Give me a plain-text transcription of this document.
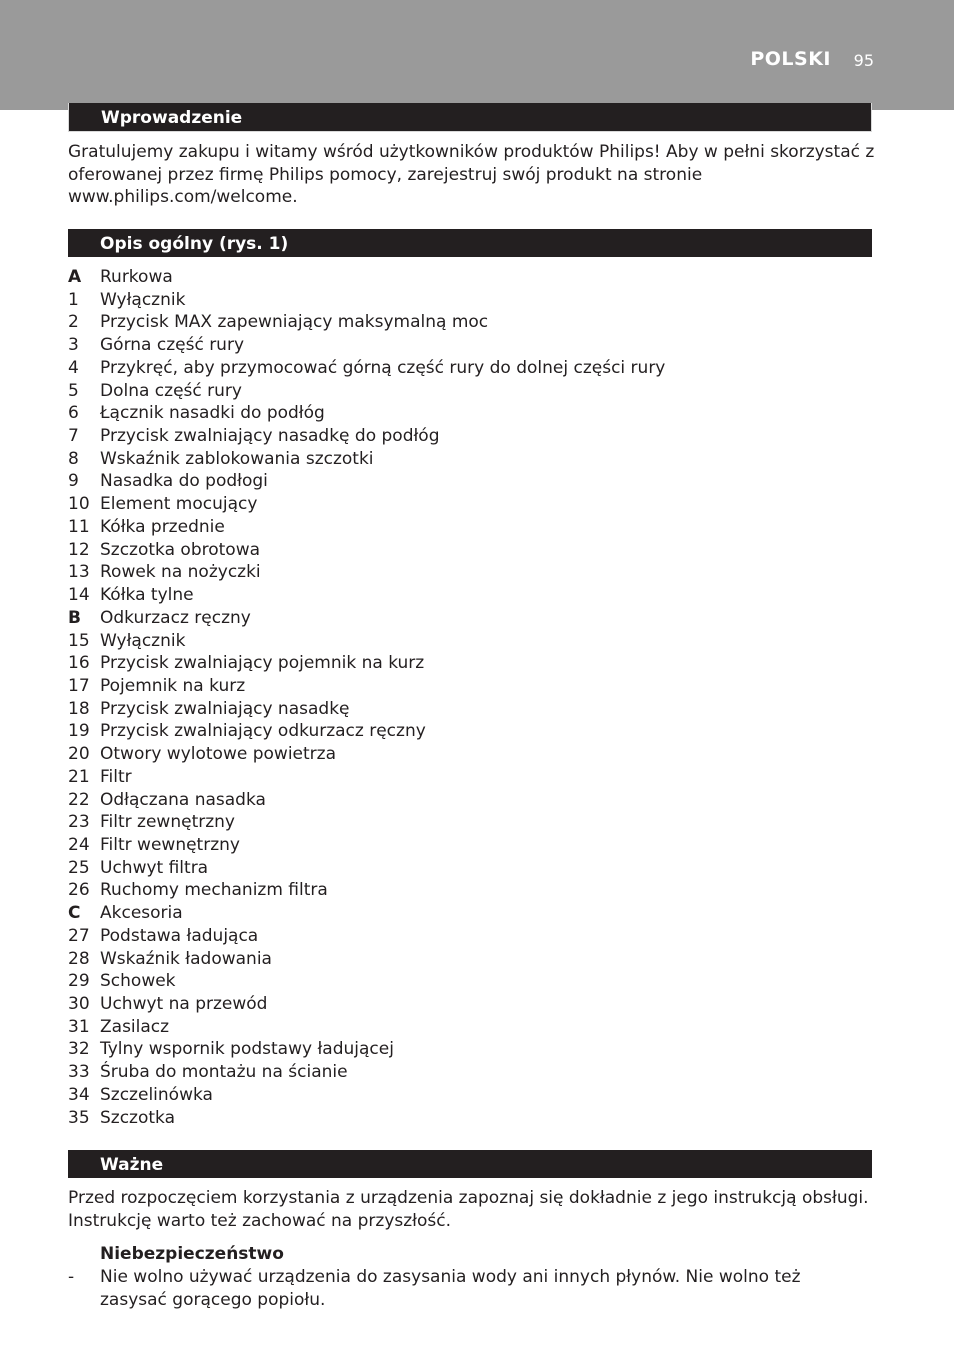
POLSKI 95
Wprowadzenie

Gratulujemy zakupu i witamy wśród użytkowników produktów Philips! Aby w pełni skorzystać z oferowanej przez firmę Philips pomocy, zarejestruj swój produkt na stronie www.philips.com/welcome.

Opis ogólny (rys. 1)
A Rurkowa
1 Wyłącznik
2 Przycisk MAX zapewniający maksymalną moc
3 Górna część rury
4 Przykręć, aby przymocować górną część rury do dolnej części rury
5 Dolna część rury
6 Łącznik nasadki do podłóg
7 Przycisk zwalniający nasadkę do podłóg
8 Wskaźnik zablokowania szczotki
9 Nasadka do podłogi
10 Element mocujący
11 Kółka przednie
12 Szczotka obrotowa
13 Rowek na nożyczki
14 Kółka tylne
B Odkurzacz ręczny
15 Wyłącznik
16 Przycisk zwalniający pojemnik na kurz
17 Pojemnik na kurz
18 Przycisk zwalniający nasadkę
19 Przycisk zwalniający odkurzacz ręczny
20 Otwory wylotowe powietrza
21 Filtr
22 Odłączana nasadka
23 Filtr zewnętrzny
24 Filtr wewnętrzny
25 Uchwyt filtra
26 Ruchomy mechanizm filtra
C Akcesoria
27 Podstawa ładująca
28 Wskaźnik ładowania
29 Schowek
30 Uchwyt na przewód
31 Zasilacz
32 Tylny wspornik podstawy ładującej
33 Śruba do montażu na ścianie
34 Szczelinówka
35 Szczotka
Ważne

Przed rozpoczęciem korzystania z urządzenia zapoznaj się dokładnie z jego instrukcją obsługi. Instrukcję warto też zachować na przyszłość.

Niebezpieczeństwo
- Nie wolno używać urządzenia do zasysania wody ani innych płynów. Nie wolno też zasysać gorącego popiołu.
